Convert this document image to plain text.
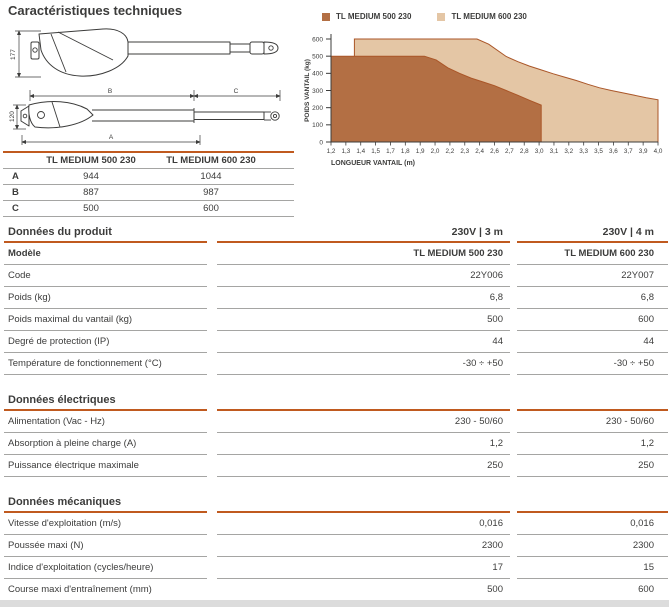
Caractéristiques techniques
177
B	C
120
A
TL MEDIUM 500 230	TL MEDIUM 600 230
A	944	1044
B	887	987
C	500	600
0
100
200
300
400
500
600
1,2 1,3 1,4 1,5 1,7 1,8 1,9 2,0 2,2 2,3 2,4 2,6 2,7 2,8 3,0 3,1 3,2 3,3 3,5 3,6 3,7 3,9 4,0
LONGUEUR VANTAIL (m)
POIDS VANTAIL (kg)
TL MEDIUM 500 230	TL MEDIUM 600 230
Données du produit	230V | 3 m	230V | 4 m
Modèle	TL MEDIUM 500 230	TL MEDIUM 600 230
Code	22Y006	22Y007
Poids (kg)	6,8	6,8
Poids maximal du vantail (kg)	500	600
Degré de protection (IP)	44	44
Température de fonctionnement (°C)	-30 ÷ +50	-30 ÷ +50
Données électriques
Alimentation (Vac - Hz)	230 - 50/60	230 - 50/60
Absorption à pleine charge (A)	1,2	1,2
Puissance électrique maximale	250	250
Données mécaniques
Vitesse d'exploitation (m/s)	0,016	0,016
Poussée maxi (N)	2300	2300
Indice d'exploitation (cycles/heure)	17	15
Course maxi d'entraînement (mm)	500	600
